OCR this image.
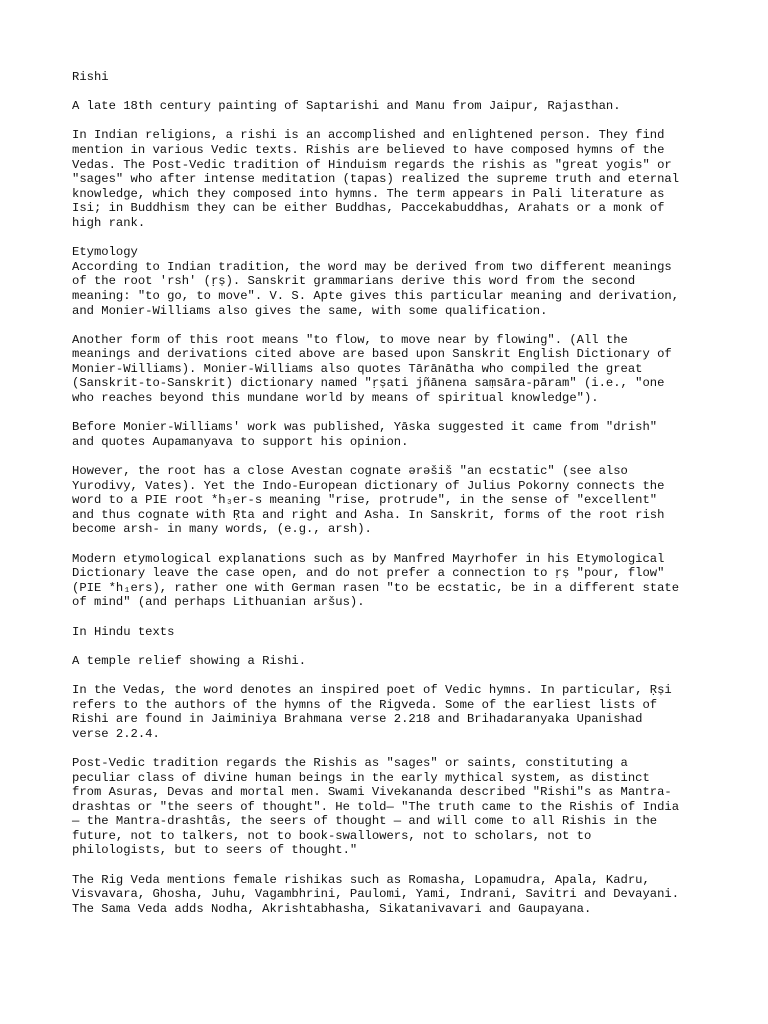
Rishi

A late 18th century painting of Saptarishi and Manu from Jaipur, Rajasthan.

In Indian religions, a rishi is an accomplished and enlightened person. They find
mention in various Vedic texts. Rishis are believed to have composed hymns of the
Vedas. The Post-Vedic tradition of Hinduism regards the rishis as "great yogis" or
"sages" who after intense meditation (tapas) realized the supreme truth and eternal
knowledge, which they composed into hymns. The term appears in Pali literature as
Isi; in Buddhism they can be either Buddhas, Paccekabuddhas, Arahats or a monk of
high rank.

Etymology

According to Indian tradition, the word may be derived from two different meanings
of the root 'rsh' (ṛṣ). Sanskrit grammarians derive this word from the second
meaning: "to go, to move". V. S. Apte gives this particular meaning and derivation,
and Monier-Williams also gives the same, with some qualification.

Another form of this root means "to flow, to move near by flowing". (All the
meanings and derivations cited above are based upon Sanskrit English Dictionary of
Monier-Williams). Monier-Williams also quotes Tārānātha who compiled the great
(Sanskrit-to-Sanskrit) dictionary named "ṛṣati jñānena saṃsāra-pāram" (i.e., "one
who reaches beyond this mundane world by means of spiritual knowledge").

Before Monier-Williams' work was published, Yāska suggested it came from "drish"
and quotes Aupamanyava to support his opinion.

However, the root has a close Avestan cognate ərəšiš "an ecstatic" (see also
Yurodivy, Vates). Yet the Indo-European dictionary of Julius Pokorny connects the
word to a PIE root *h₃er-s meaning "rise, protrude", in the sense of "excellent"
and thus cognate with Ṛta and right and Asha. In Sanskrit, forms of the root rish
become arsh- in many words, (e.g., arsh).

Modern etymological explanations such as by Manfred Mayrhofer in his Etymological
Dictionary leave the case open, and do not prefer a connection to ṛṣ "pour, flow"
(PIE *h₁ers), rather one with German rasen "to be ecstatic, be in a different state
of mind" (and perhaps Lithuanian aršus).

In Hindu texts

A temple relief showing a Rishi.

In the Vedas, the word denotes an inspired poet of Vedic hymns. In particular, Ṛṣi
refers to the authors of the hymns of the Rigveda. Some of the earliest lists of
Rishi are found in Jaiminiya Brahmana verse 2.218 and Brihadaranyaka Upanishad
verse 2.2.4.

Post-Vedic tradition regards the Rishis as "sages" or saints, constituting a
peculiar class of divine human beings in the early mythical system, as distinct
from Asuras, Devas and mortal men. Swami Vivekananda described "Rishi"s as Mantra-
drashtas or "the seers of thought". He told— "The truth came to the Rishis of India
— the Mantra-drashtâs, the seers of thought — and will come to all Rishis in the
future, not to talkers, not to book-swallowers, not to scholars, not to
philologists, but to seers of thought."

The Rig Veda mentions female rishikas such as Romasha, Lopamudra, Apala, Kadru,
Visvavara, Ghosha, Juhu, Vagambhrini, Paulomi, Yami, Indrani, Savitri and Devayani.
The Sama Veda adds Nodha, Akrishtabhasha, Sikatanivavari and Gaupayana.
